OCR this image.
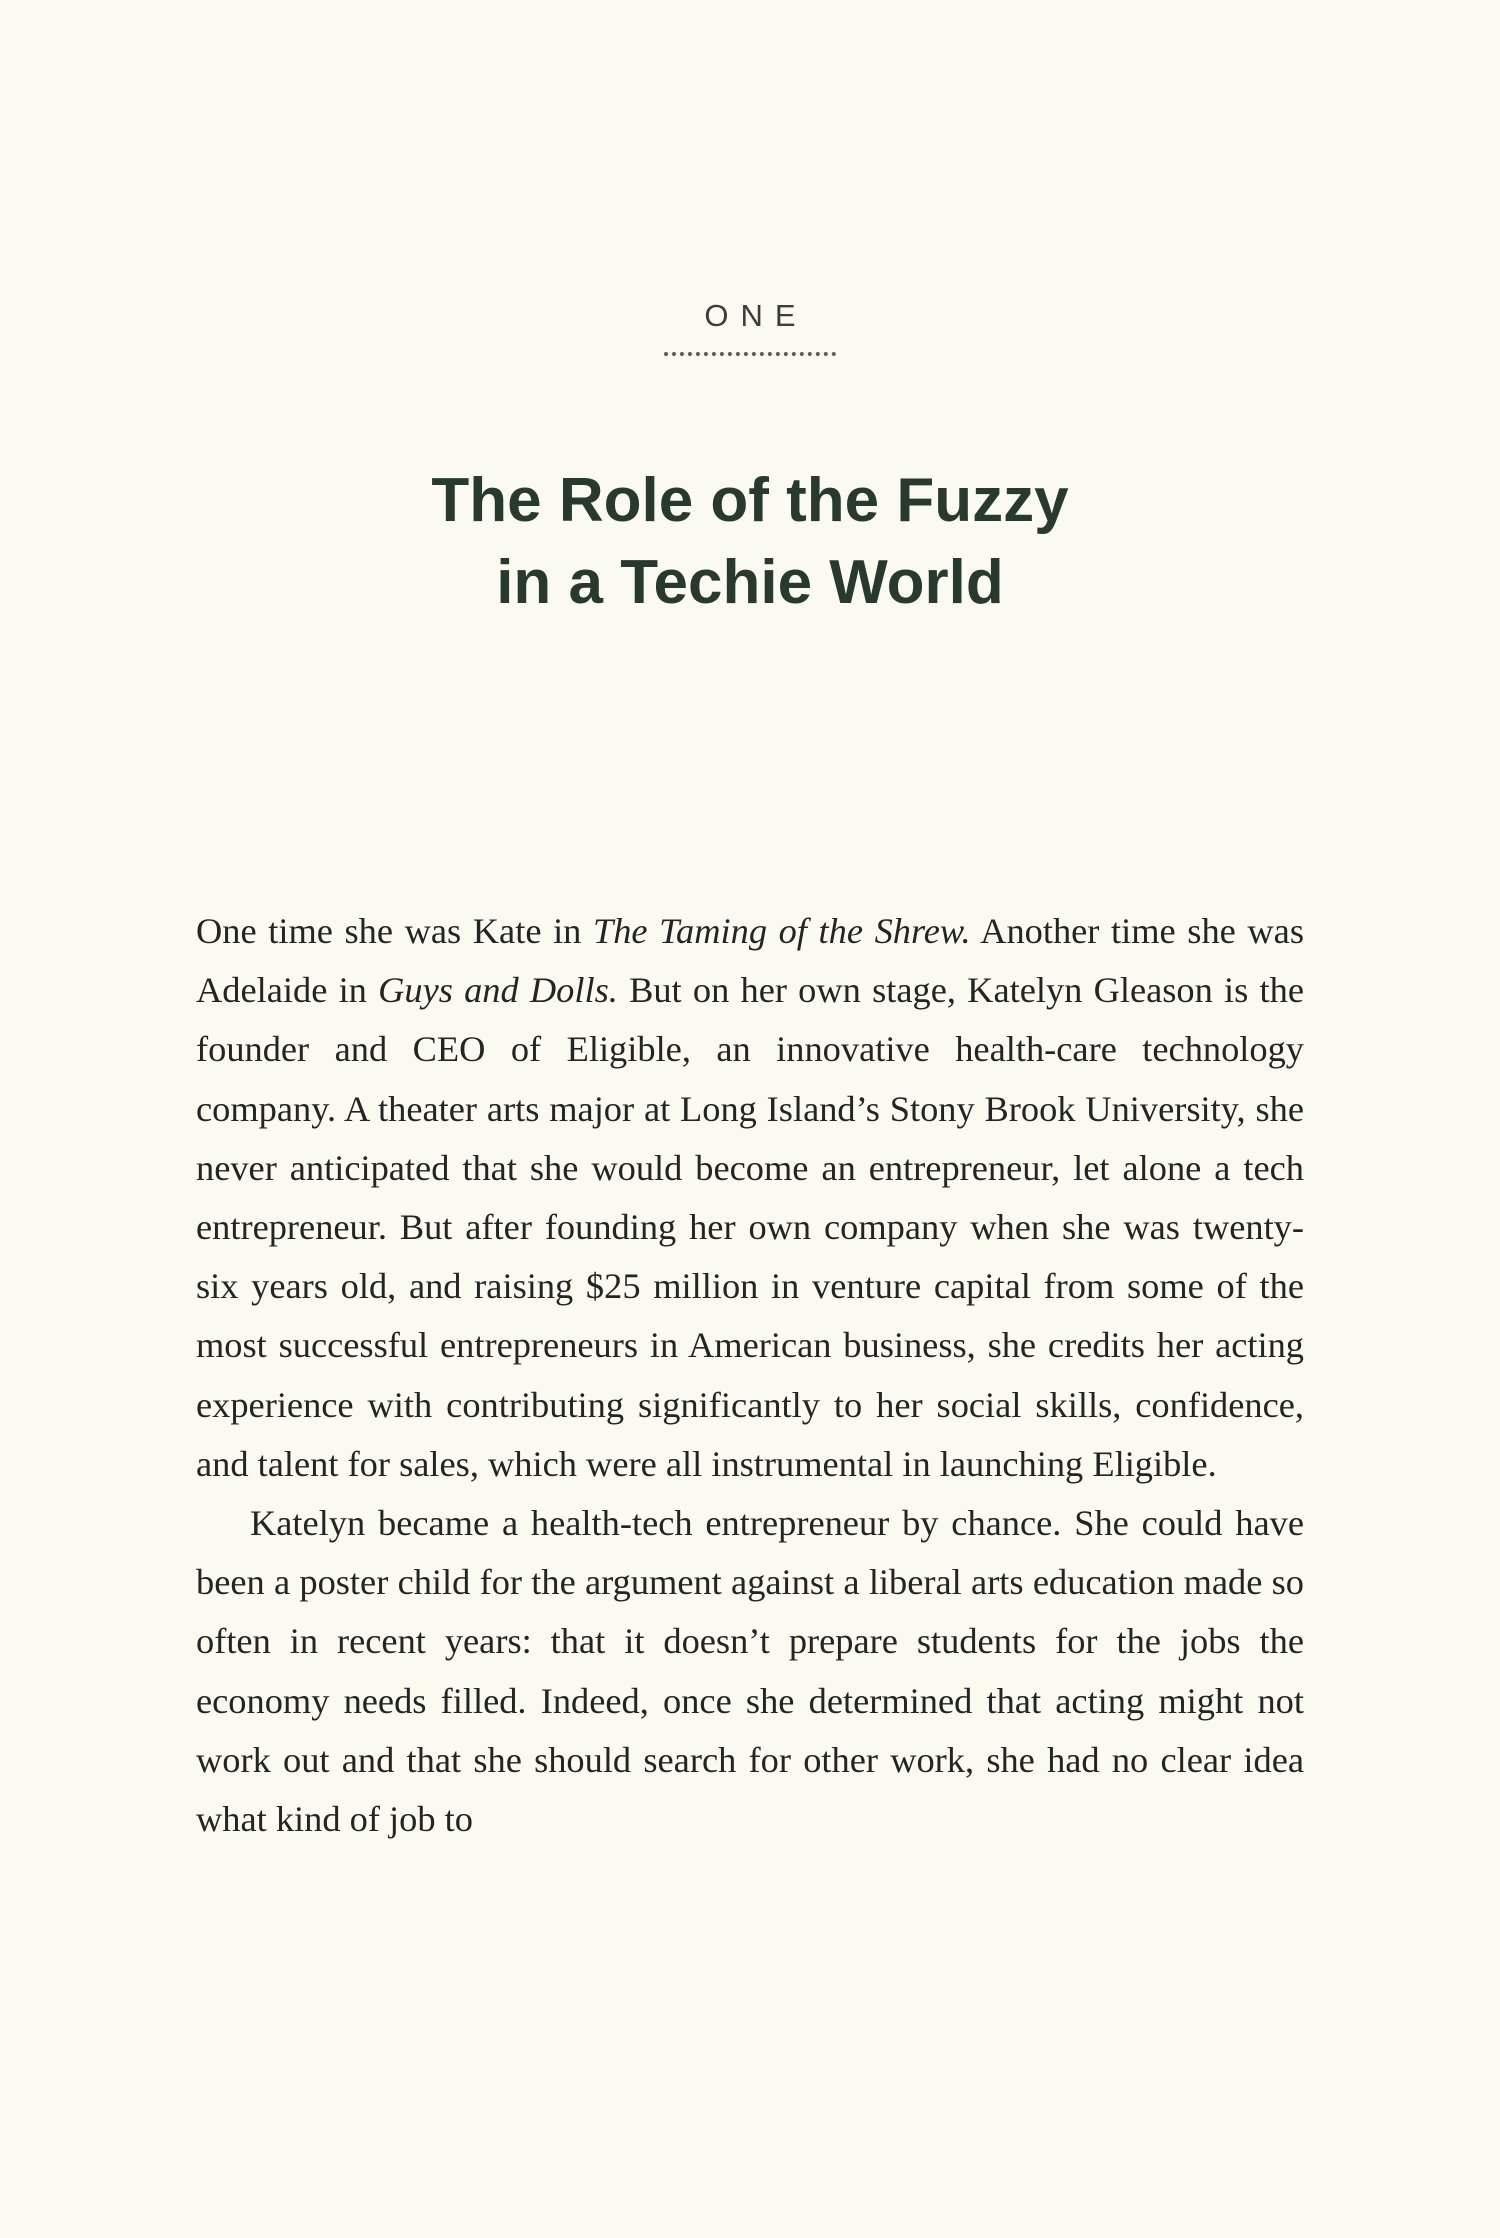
ONE
The Role of the Fuzzy
in a Techie World

One time she was Kate in The Taming of the Shrew. Another time she was Adelaide in Guys and Dolls. But on her own stage, Katelyn Gleason is the founder and CEO of Eligible, an innovative health-care technology company. A theater arts major at Long Island’s Stony Brook University, she never anticipated that she would become an entrepreneur, let alone a tech entrepreneur. But after founding her own company when she was twenty-six years old, and raising $25 million in venture capital from some of the most successful entrepreneurs in American business, she credits her acting experience with contributing significantly to her social skills, confidence, and talent for sales, which were all instrumental in launching Eligible.

Katelyn became a health-tech entrepreneur by chance. She could have been a poster child for the argument against a liberal arts education made so often in recent years: that it doesn’t prepare students for the jobs the economy needs filled. Indeed, once she determined that acting might not work out and that she should search for other work, she had no clear idea what kind of job to
